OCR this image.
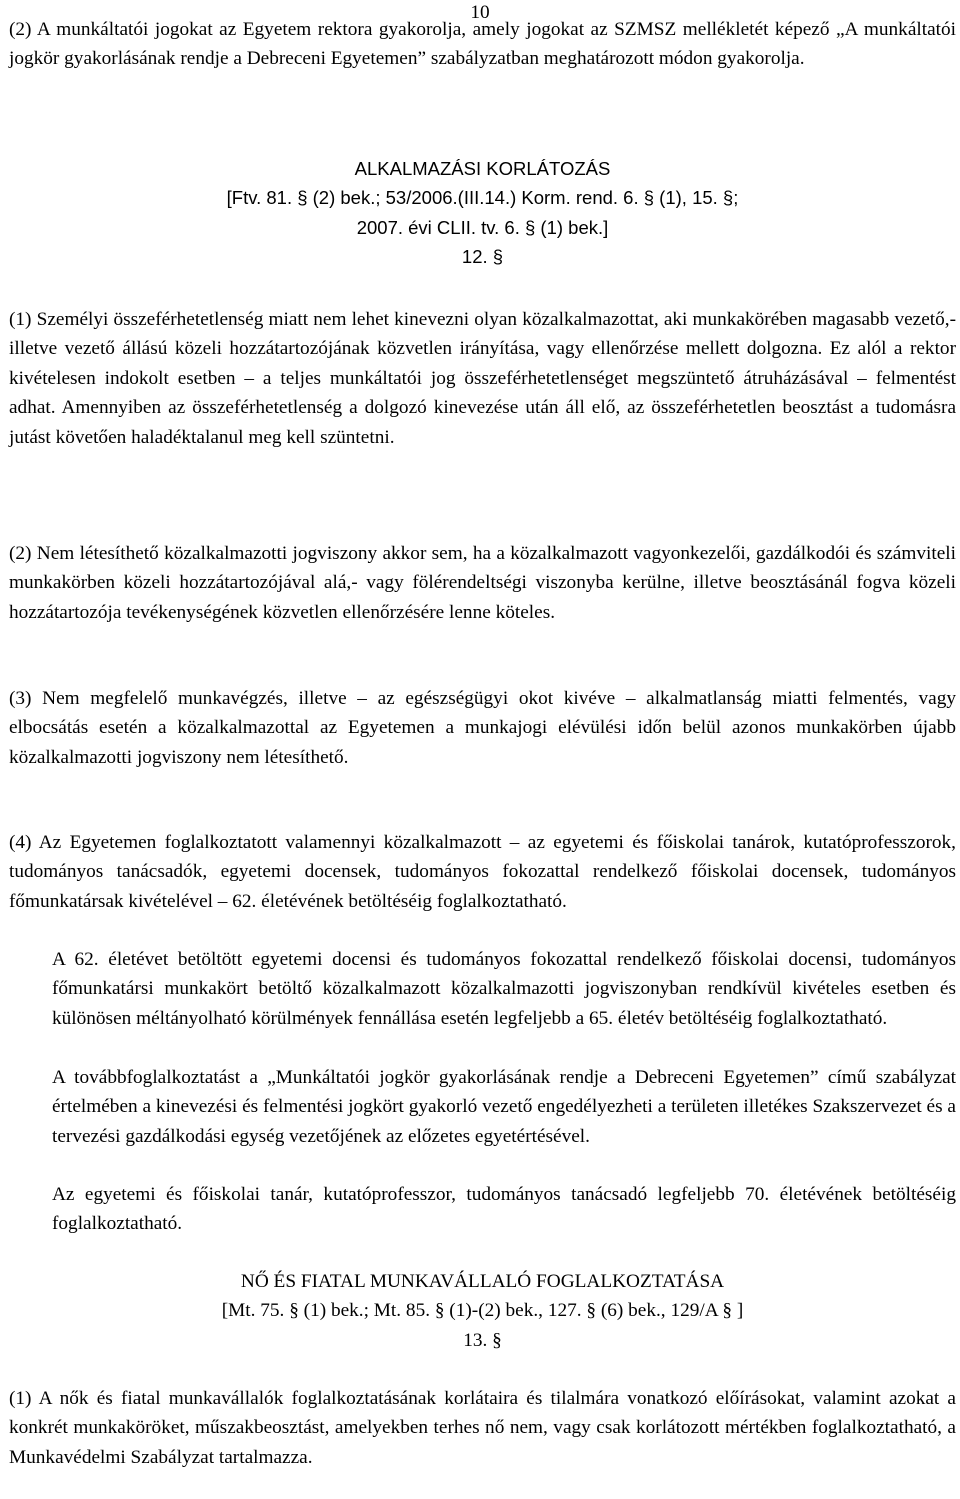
10

(2) A munkáltatói jogokat az Egyetem rektora gyakorolja, amely jogokat az SZMSZ mellékletét képező „A munkáltatói jogkör gyakorlásának rendje a Debreceni Egyetemen” szabályzatban meghatározott módon gyakorolja.

ALKALMAZÁSI KORLÁTOZÁS
[Ftv. 81. § (2) bek.; 53/2006.(III.14.) Korm. rend. 6. § (1), 15. §;
2007. évi CLII. tv. 6. § (1) bek.]
12. §

(1) Személyi összeférhetetlenség miatt nem lehet kinevezni olyan közalkalmazottat, aki munkakörében magasabb vezető,- illetve vezető állású közeli hozzátartozójának közvetlen irányítása, vagy ellenőrzése mellett dolgozna. Ez alól a rektor kivételesen indokolt esetben – a teljes munkáltatói jog összeférhetetlenséget megszüntető átruházásával – felmentést adhat. Amennyiben az összeférhetetlenség a dolgozó kinevezése után áll elő, az összeférhetetlen beosztást a tudomásra jutást követően haladéktalanul meg kell szüntetni.

(2) Nem létesíthető közalkalmazotti jogviszony akkor sem, ha a közalkalmazott vagyonkezelői, gazdálkodói és számviteli munkakörben közeli hozzátartozójával alá,- vagy fölérendeltségi viszonyba kerülne, illetve beosztásánál fogva közeli hozzátartozója tevékenységének közvetlen ellenőrzésére lenne köteles.

(3) Nem megfelelő munkavégzés, illetve – az egészségügyi okot kivéve – alkalmatlanság miatti felmentés, vagy elbocsátás esetén a közalkalmazottal az Egyetemen a munkajogi elévülési időn belül azonos munkakörben újabb közalkalmazotti jogviszony nem létesíthető.

(4) Az Egyetemen foglalkoztatott valamennyi közalkalmazott – az egyetemi és főiskolai tanárok, kutatóprofesszorok, tudományos tanácsadók, egyetemi docensek, tudományos fokozattal rendelkező főiskolai docensek, tudományos főmunkatársak kivételével – 62. életévének betöltéséig foglalkoztatható.

A 62. életévet betöltött egyetemi docensi és tudományos fokozattal rendelkező főiskolai docensi, tudományos főmunkatársi munkakört betöltő közalkalmazott közalkalmazotti jogviszonyban rendkívül kivételes esetben és különösen méltányolható körülmények fennállása esetén legfeljebb a 65. életév betöltéséig foglalkoztatható.

A továbbfoglalkoztatást a „Munkáltatói jogkör gyakorlásának rendje a Debreceni Egyetemen” című szabályzat értelmében a kinevezési és felmentési jogkört gyakorló vezető engedélyezheti a területen illetékes Szakszervezet és a tervezési gazdálkodási egység vezetőjének az előzetes egyetértésével.

Az egyetemi és főiskolai tanár, kutatóprofesszor, tudományos tanácsadó legfeljebb 70. életévének betöltéséig foglalkoztatható.

NŐ ÉS FIATAL MUNKAVÁLLALÓ FOGLALKOZTATÁSA
[Mt. 75. § (1) bek.; Mt. 85. § (1)-(2) bek., 127. § (6) bek., 129/A § ]
13. §

(1) A nők és fiatal munkavállalók foglalkoztatásának korlátaira és tilalmára vonatkozó előírásokat, valamint azokat a konkrét munkaköröket, műszakbeosztást, amelyekben terhes nő nem, vagy csak korlátozott mértékben foglalkoztatható, a Munkavédelmi Szabályzat tartalmazza.
